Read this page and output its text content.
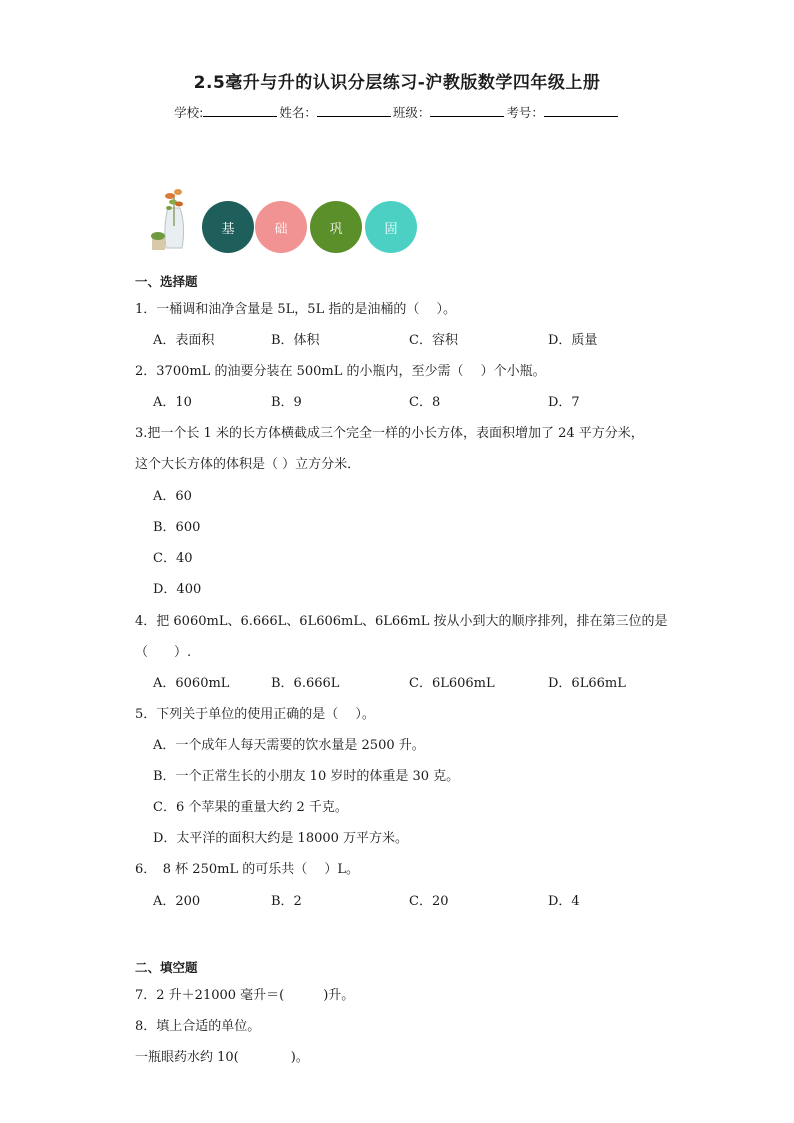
2.5毫升与升的认识分层练习-沪教版数学四年级上册
学校:	姓名：	班级：	考号：
基	础	巩	固
一、选择题
1．一桶调和油净含量是 5L，5L 指的是油桶的（　 ）。
A．表面积	B．体积	C．容积	D．质量
2．3700mL 的油要分装在 500mL 的小瓶内，至少需（　 ）个小瓶。
A．10	B．9	C．8	D．7
3.把一个长 1 米的长方体横截成三个完全一样的小长方体，表面积增加了 24 平方分米，
这个大长方体的体积是（ ）立方分米．
A．60
B．600
C．40
D．400
4．把 6060mL、6.666L、6L606mL、6L66mL 按从小到大的顺序排列，排在第三位的是
（　　）.
A．6060mL	B．6.666L	C．6L606mL	D．6L66mL
5．下列关于单位的使用正确的是（　 ）。
A．一个成年人每天需要的饮水量是 2500 升。
B．一个正常生长的小朋友 10 岁时的体重是 30 克。
C．6 个苹果的重量大约 2 千克。
D．太平洋的面积大约是 18000 万平方米。
6．　8 杯 250mL 的可乐共（　 ）L。
A．200	B．2	C．20	D．4
二、填空题
7．2 升＋21000 毫升＝(　　　)升。
8．填上合适的单位。
一瓶眼药水约 10(　　　　)。
